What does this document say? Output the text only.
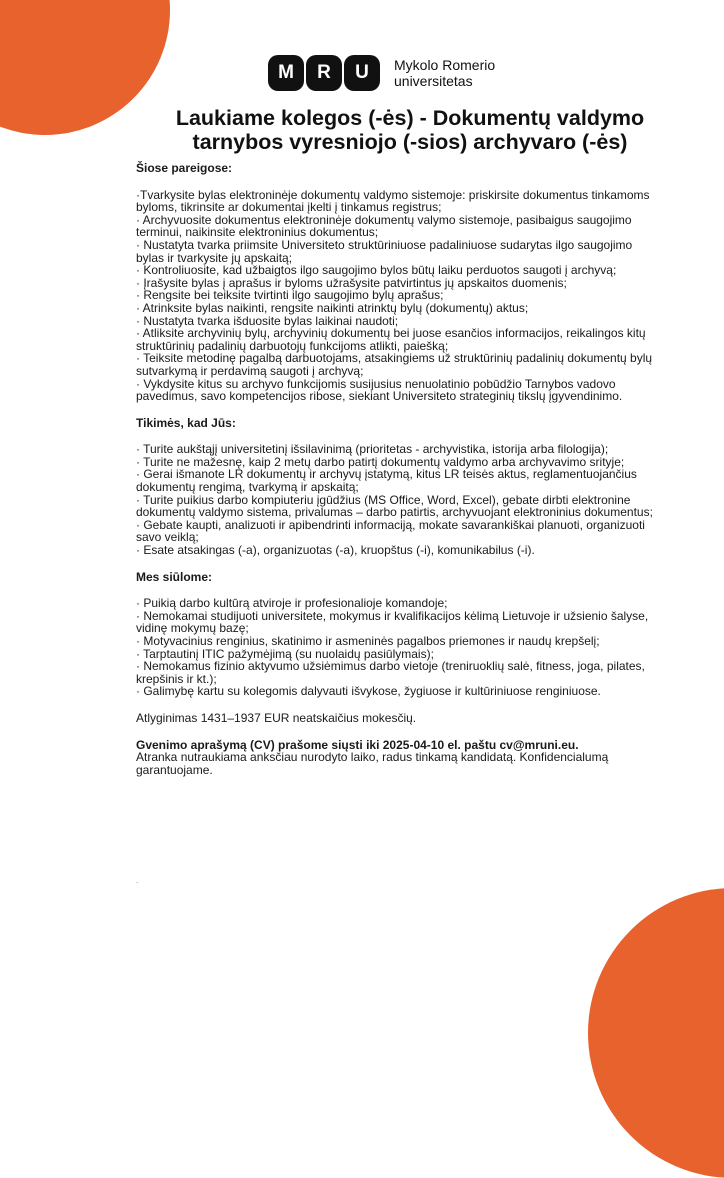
M	R	U	Mykolo Romerio
universitetas
Laukiame kolegos (-ės) - Dokumentų valdymo
tarnybos vyresniojo (-sios) archyvaro (-ės)

Šiose pareigose:

·Tvarkysite bylas elektroninėje dokumentų valdymo sistemoje: priskirsite dokumentus tinkamoms byloms, tikrinsite ar dokumentai įkelti į tinkamus registrus;
· Archyvuosite dokumentus elektroninėje dokumentų valymo sistemoje, pasibaigus saugojimo terminui, naikinsite elektroninius dokumentus;
· Nustatyta tvarka priimsite Universiteto struktūriniuose padaliniuose sudarytas ilgo saugojimo bylas ir tvarkysite jų apskaitą;
· Kontroliuosite, kad užbaigtos ilgo saugojimo bylos būtų laiku perduotos saugoti į archyvą;
· Įrašysite bylas į aprašus ir byloms užrašysite patvirtintus jų apskaitos duomenis;
· Rengsite bei teiksite tvirtinti ilgo saugojimo bylų aprašus;
· Atrinksite bylas naikinti, rengsite naikinti atrinktų bylų (dokumentų) aktus;
· Nustatyta tvarka išduosite bylas laikinai naudoti;
· Atliksite archyvinių bylų, archyvinių dokumentų bei juose esančios informacijos, reikalingos kitų struktūrinių padalinių darbuotojų funkcijoms atlikti, paiešką;
· Teiksite metodinę pagalbą darbuotojams, atsakingiems už struktūrinių padalinių dokumentų bylų sutvarkymą ir perdavimą saugoti į archyvą;
· Vykdysite kitus su archyvo funkcijomis susijusius nenuolatinio pobūdžio Tarnybos vadovo pavedimus, savo kompetencijos ribose, siekiant Universiteto strateginių tikslų įgyvendinimo.

Tikimės, kad Jūs:

· Turite aukštąjį universitetinį išsilavinimą (prioritetas - archyvistika, istorija arba filologija);
· Turite ne mažesnę, kaip 2 metų darbo patirtį dokumentų valdymo arba archyvavimo srityje;
· Gerai išmanote LR dokumentų ir archyvų įstatymą, kitus LR teisės aktus, reglamentuojančius dokumentų rengimą, tvarkymą ir apskaitą;
· Turite puikius darbo kompiuteriu įgūdžius (MS Office, Word, Excel), gebate dirbti elektronine dokumentų valdymo sistema, privalumas – darbo patirtis, archyvuojant elektroninius dokumentus;
· Gebate kaupti, analizuoti ir apibendrinti informaciją, mokate savarankiškai planuoti, organizuoti savo veiklą;
· Esate atsakingas (-a), organizuotas (-a), kruopštus (-i), komunikabilus (-i).

Mes siūlome:

· Puikią darbo kultūrą atviroje ir profesionalioje komandoje;
· Nemokamai studijuoti universitete, mokymus ir kvalifikacijos kėlimą Lietuvoje ir užsienio šalyse, vidinę mokymų bazę;
· Motyvacinius renginius, skatinimo ir asmeninės pagalbos priemones ir naudų krepšelį;
· Tarptautinį ITIC pažymėjimą (su nuolaidų pasiūlymais);
· Nemokamus fizinio aktyvumo užsiėmimus darbo vietoje (treniruoklių salė, fitness, joga, pilates, krepšinis ir kt.);
· Galimybę kartu su kolegomis dalyvauti išvykose, žygiuose ir kultūriniuose renginiuose.

Atlyginimas 1431–1937 EUR neatskaičius mokesčių.

Gvenimo aprašymą (CV) prašome siųsti iki 2025-04-10 el. paštu cv@mruni.eu.

Atranka nutraukiama anksčiau nurodyto laiko, radus tinkamą kandidatą. Konfidencialumą garantuojame.

.
